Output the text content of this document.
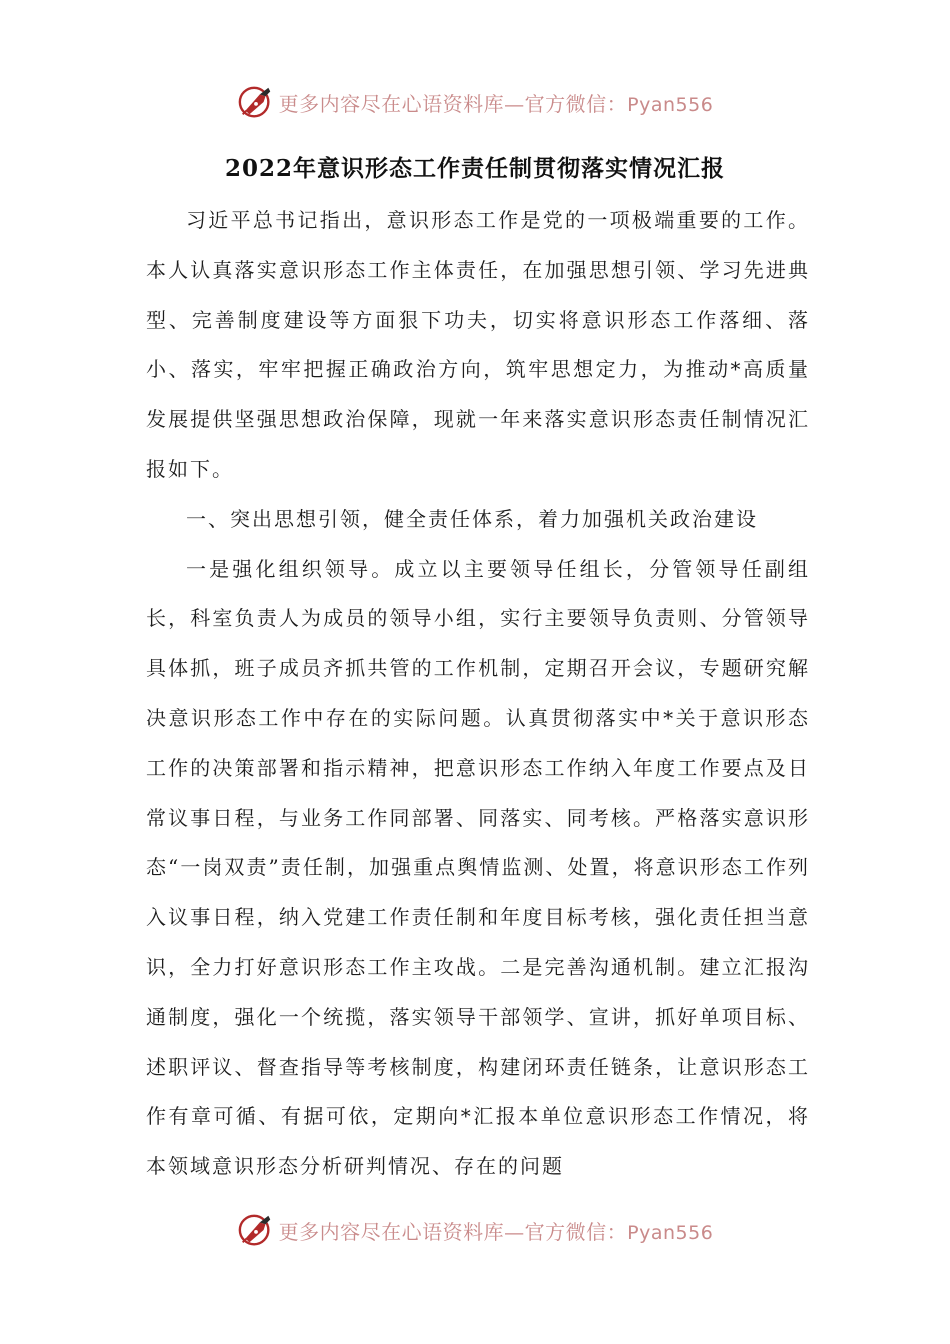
更多内容尽在心语资料库—官方微信：Pyan556
2022年意识形态工作责任制贯彻落实情况汇报

习近平总书记指出，意识形态工作是党的一项极端重要的工作。本人认真落实意识形态工作主体责任，在加强思想引领、学习先进典型、完善制度建设等方面狠下功夫，切实将意识形态工作落细、落小、落实，牢牢把握正确政治方向，筑牢思想定力，为推动*高质量发展提供坚强思想政治保障，现就一年来落实意识形态责任制情况汇报如下。

一、突出思想引领，健全责任体系，着力加强机关政治建设

一是强化组织领导。成立以主要领导任组长，分管领导任副组长，科室负责人为成员的领导小组，实行主要领导负责则、分管领导具体抓，班子成员齐抓共管的工作机制，定期召开会议，专题研究解决意识形态工作中存在的实际问题。认真贯彻落实中*关于意识形态工作的决策部署和指示精神，把意识形态工作纳入年度工作要点及日常议事日程，与业务工作同部署、同落实、同考核。严格落实意识形态“一岗双责”责任制，加强重点舆情监测、处置，将意识形态工作列入议事日程，纳入党建工作责任制和年度目标考核，强化责任担当意识，全力打好意识形态工作主攻战。二是完善沟通机制。建立汇报沟通制度，强化一个统揽，落实领导干部领学、宣讲，抓好单项目标、述职评议、督查指导等考核制度，构建闭环责任链条，让意识形态工作有章可循、有据可依，定期向*汇报本单位意识形态工作情况，将本领域意识形态分析研判情况、存在的问题

更多内容尽在心语资料库—官方微信：Pyan556
